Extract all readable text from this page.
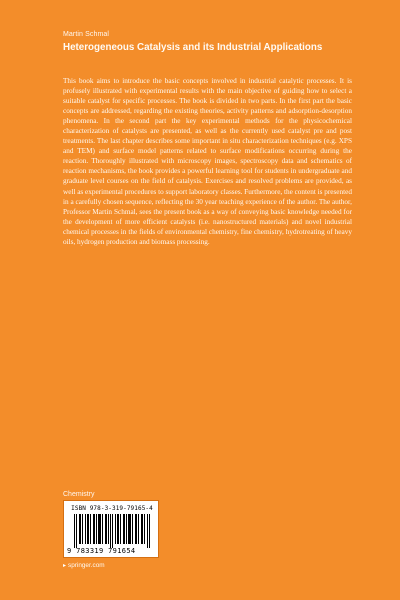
Martin Schmal
Heterogeneous Catalysis and its Industrial Applications
This book aims to introduce the basic concepts involved in industrial catalytic processes. It is profusely illustrated with experimental results with the main objective of guiding how to select a suitable catalyst for specific processes. The book is divided in two parts. In the first part the basic concepts are addressed, regarding the existing theories, activity patterns and adsorption-desorption phenomena. In the second part the key experimental methods for the physicochemical characterization of catalysts are presented, as well as the currently used catalyst pre and post treatments. The last chapter describes some important in situ characterization techniques (e.g. XPS and TEM) and surface model patterns related to surface modifications occurring during the reaction. Thoroughly illustrated with microscopy images, spectroscopy data and schematics of reaction mechanisms, the book provides a powerful learning tool for students in undergraduate and graduate level courses on the field of catalysis. Exercises and resolved problems are provided, as well as experimental procedures to support laboratory classes. Furthermore, the content is presented in a carefully chosen sequence, reflecting the 30 year teaching experience of the author. The author, Professor Martin Schmal, sees the present book as a way of conveying basic knowledge needed for the development of more efficient catalysts (i.e. nanostructured materials) and novel industrial chemical processes in the fields of environmental chemistry, fine chemistry, hydrotreating of heavy oils, hydrogen production and biomass processing.
Chemistry
ISBN 978-3-319-79165-4
9 783319 791654
▸ springer.com
